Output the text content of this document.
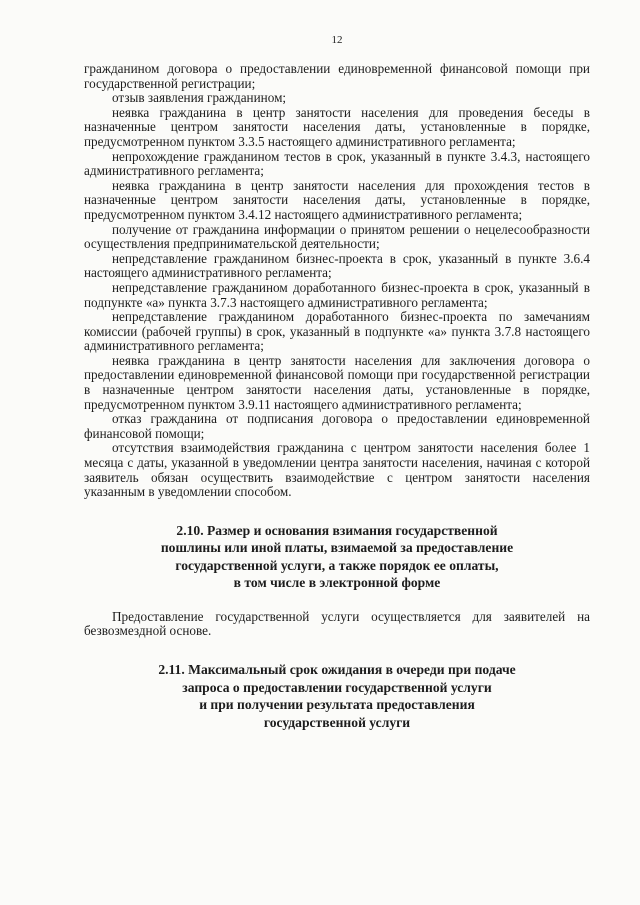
12

гражданином договора о предоставлении единовременной финансовой помощи при государственной регистрации;

отзыв заявления гражданином;

неявка гражданина в центр занятости населения для проведения беседы в назначенные центром занятости населения даты, установленные в порядке, предусмотренном пунктом 3.3.5 настоящего административного регламента;

непрохождение гражданином тестов в срок, указанный в пункте 3.4.3, настоящего административного регламента;

неявка гражданина в центр занятости населения для прохождения тестов в назначенные центром занятости населения даты, установленные в порядке, предусмотренном пунктом 3.4.12 настоящего административного регламента;

получение от гражданина информации о принятом решении о нецелесообразности осуществления предпринимательской деятельности;

непредставление гражданином бизнес-проекта в срок, указанный в пункте 3.6.4 настоящего административного регламента;

непредставление гражданином доработанного бизнес-проекта в срок, указанный в подпункте «а» пункта 3.7.3 настоящего административного регламента;

непредставление гражданином доработанного бизнес-проекта по замечаниям комиссии (рабочей группы) в срок, указанный в подпункте «а» пункта 3.7.8 настоящего административного регламента;

неявка гражданина в центр занятости населения для заключения договора о предоставлении единовременной финансовой помощи при государственной регистрации в назначенные центром занятости населения даты, установленные в порядке, предусмотренном пунктом 3.9.11 настоящего административного регламента;

отказ гражданина от подписания договора о предоставлении единовременной финансовой помощи;

отсутствия взаимодействия гражданина с центром занятости населения более 1 месяца с даты, указанной в уведомлении центра занятости населения, начиная с которой заявитель обязан осуществить взаимодействие с центром занятости населения указанным в уведомлении способом.

2.10. Размер и основания взимания государственной
пошлины или иной платы, взимаемой за предоставление
государственной услуги, а также порядок ее оплаты,
в том числе в электронной форме

Предоставление государственной услуги осуществляется для заявителей на безвозмездной основе.

2.11. Максимальный срок ожидания в очереди при подаче
запроса о предоставлении государственной услуги
и при получении результата предоставления
государственной услуги
